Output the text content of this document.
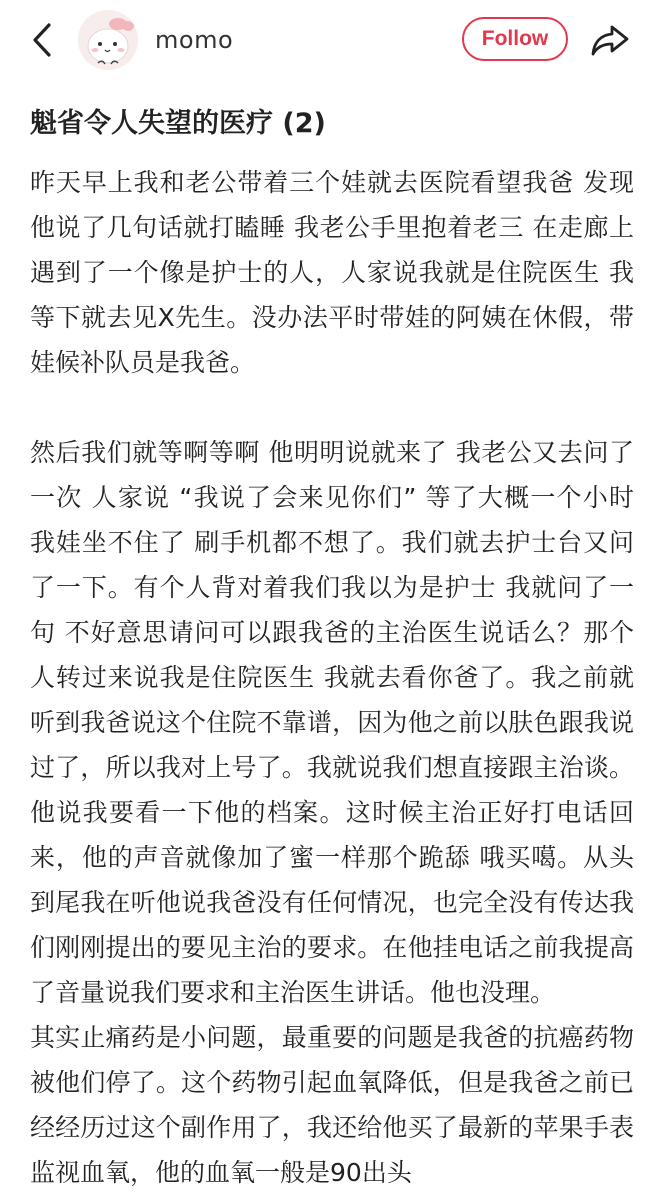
momo	Follow
魁省令人失望的医疗 (2)

昨天早上我和老公带着三个娃就去医院看望我爸 发现他说了几句话就打瞌睡 我老公手里抱着老三 在走廊上遇到了一个像是护士的人，人家说我就是住院医生 我等下就去见X先生。没办法平时带娃的阿姨在休假，带娃候补队员是我爸。

然后我们就等啊等啊 他明明说就来了 我老公又去问了一次 人家说 “我说了会来见你们” 等了大概一个小时 我娃坐不住了 刷手机都不想了。我们就去护士台又问了一下。有个人背对着我们我以为是护士 我就问了一句 不好意思请问可以跟我爸的主治医生说话么？那个人转过来说我是住院医生 我就去看你爸了。我之前就听到我爸说这个住院不靠谱，因为他之前以肤色跟我说过了，所以我对上号了。我就说我们想直接跟主治谈。他说我要看一下他的档案。这时候主治正好打电话回来，他的声音就像加了蜜一样那个跪舔 哦买噶。从头到尾我在听他说我爸没有任何情况，也完全没有传达我们刚刚提出的要见主治的要求。在他挂电话之前我提高了音量说我们要求和主治医生讲话。他也没理。

其实止痛药是小问题，最重要的问题是我爸的抗癌药物被他们停了。这个药物引起血氧降低，但是我爸之前已经经历过这个副作用了，我还给他买了最新的苹果手表监视血氧，他的血氧一般是90出头
